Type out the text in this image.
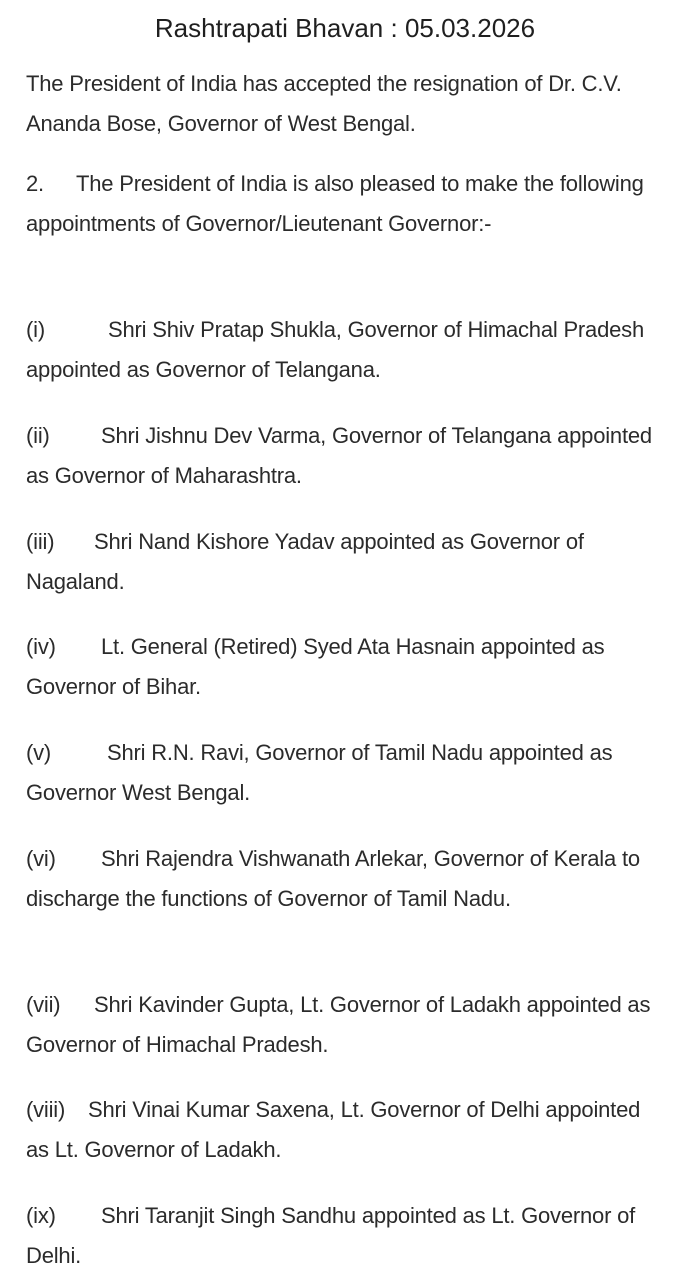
Rashtrapati Bhavan : 05.03.2026
The President of India has accepted the resignation of Dr. C.V. Ananda Bose, Governor of West Bengal.
2. The President of India is also pleased to make the following appointments of Governor/Lieutenant Governor:-
(i)	Shri Shiv Pratap Shukla, Governor of Himachal Pradesh appointed as Governor of Telangana.
(ii) Shri Jishnu Dev Varma, Governor of Telangana appointed as Governor of Maharashtra.
(iii) Shri Nand Kishore Yadav appointed as Governor of Nagaland.
(iv) Lt. General (Retired) Syed Ata Hasnain appointed as Governor of Bihar.
(v)	Shri R.N. Ravi, Governor of Tamil Nadu appointed as Governor West Bengal.
(vi) Shri Rajendra Vishwanath Arlekar, Governor of Kerala to discharge the functions of Governor of Tamil Nadu.
(vii) Shri Kavinder Gupta, Lt. Governor of Ladakh appointed as Governor of Himachal Pradesh.
(viii) Shri Vinai Kumar Saxena, Lt. Governor of Delhi appointed as Lt. Governor of Ladakh.
(ix) Shri Taranjit Singh Sandhu appointed as Lt. Governor of Delhi.
